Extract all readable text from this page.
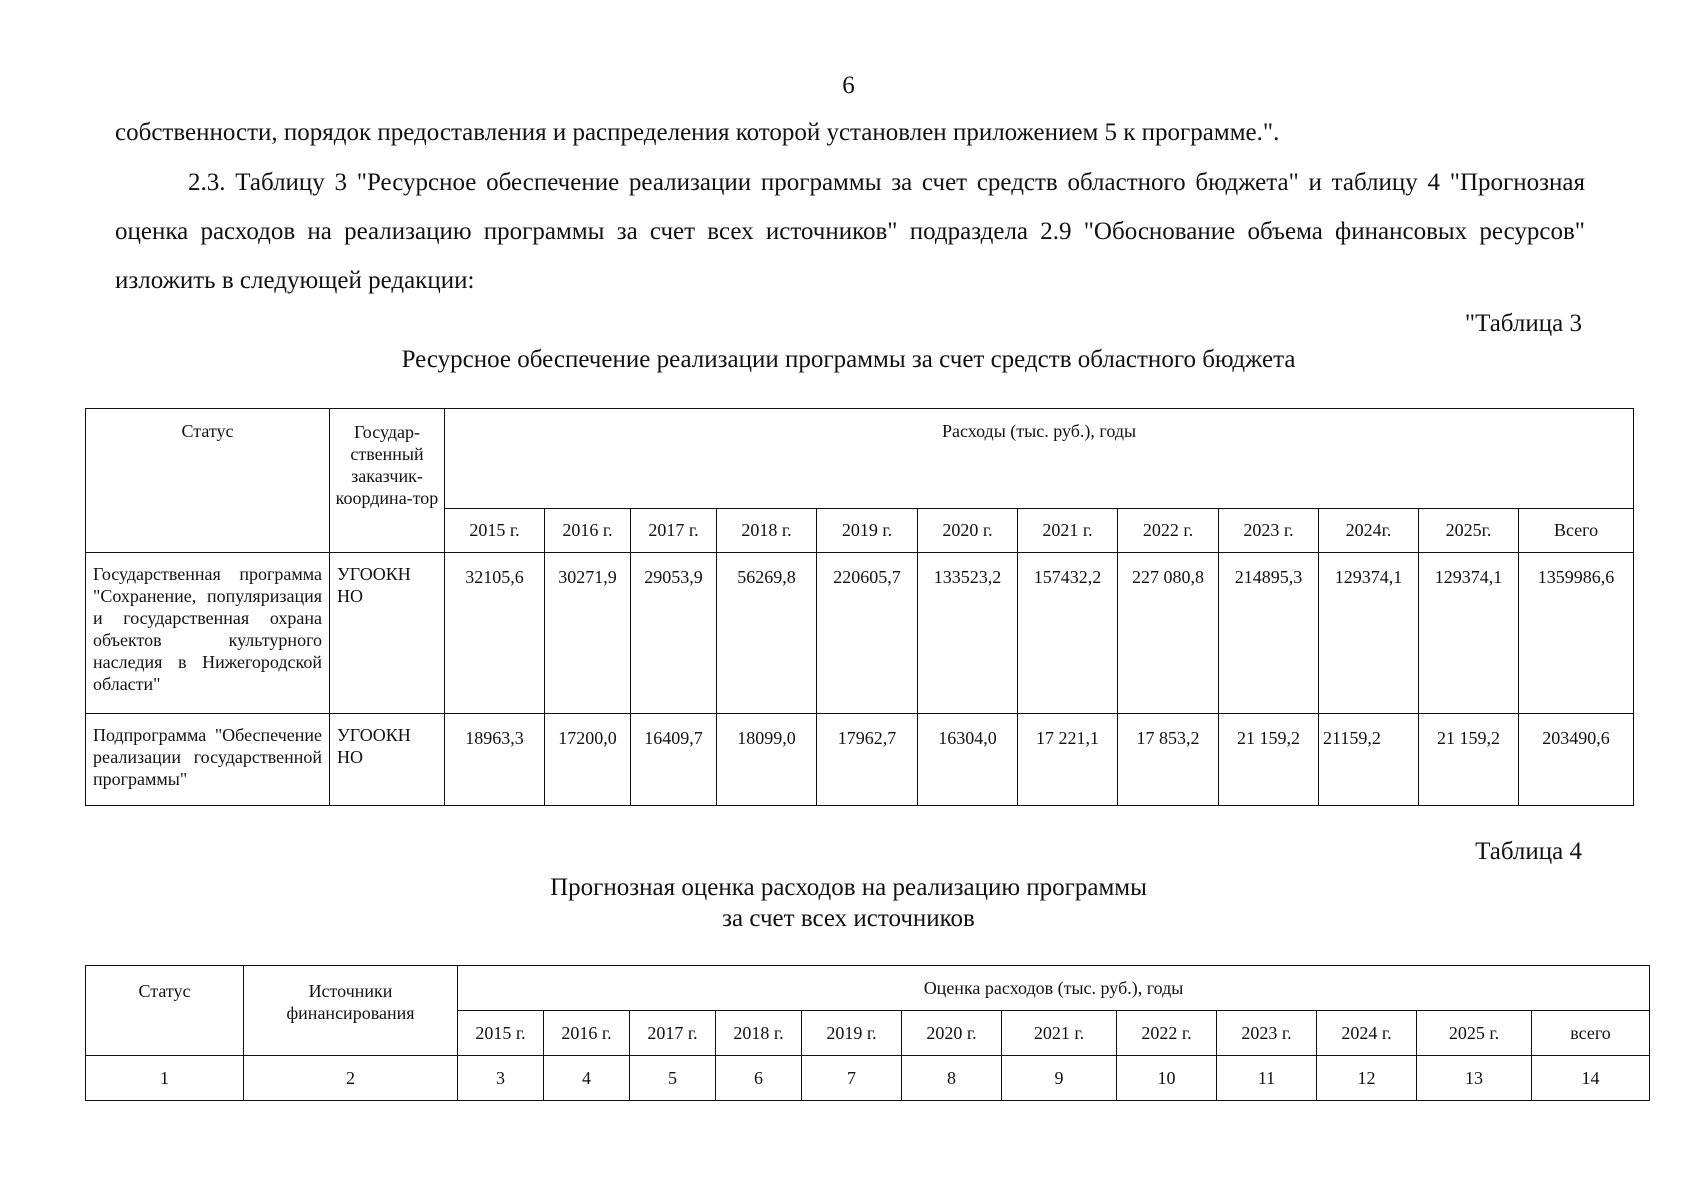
6
собственности, порядок предоставления и распределения которой установлен приложением 5 к программе.".
2.3. Таблицу 3 "Ресурсное обеспечение реализации программы за счет средств областного бюджета" и таблицу 4 "Прогнозная оценка расходов на реализацию программы за счет всех источников" подраздела 2.9 "Обоснование объема финансовых ресурсов" изложить в следующей редакции:
"Таблица 3
Ресурсное обеспечение реализации программы за счет средств областного бюджета
Статус	Государ-ственный заказчик-координа-тор	Расходы (тыс. руб.), годы											
		2015 г.	2016 г.	2017 г.	2018 г.	2019 г.	2020 г.	2021 г.	2022 г.	2023 г.	2024г.	2025г.	Всего
Государственная программа "Сохранение, популяризация и государственная охрана объектов культурного наследия в Нижегородской области"	УГООКН НО	32105,6	30271,9	29053,9	56269,8	220605,7	133523,2	157432,2	227 080,8	214895,3	129374,1	129374,1	1359986,6
Подпрограмма "Обеспечение реализации государственной программы"	УГООКН НО	18963,3	17200,0	16409,7	18099,0	17962,7	16304,0	17 221,1	17 853,2	21 159,2	21159,2	21 159,2	203490,6
Таблица 4
Прогнозная оценка расходов на реализацию программы
за счет всех источников
Статус	Источники финансирования	Оценка расходов (тыс. руб.), годы											
		2015 г.	2016 г.	2017 г.	2018 г.	2019 г.	2020 г.	2021 г.	2022 г.	2023 г.	2024 г.	2025 г.	всего
1	2	3	4	5	6	7	8	9	10	11	12	13	14
